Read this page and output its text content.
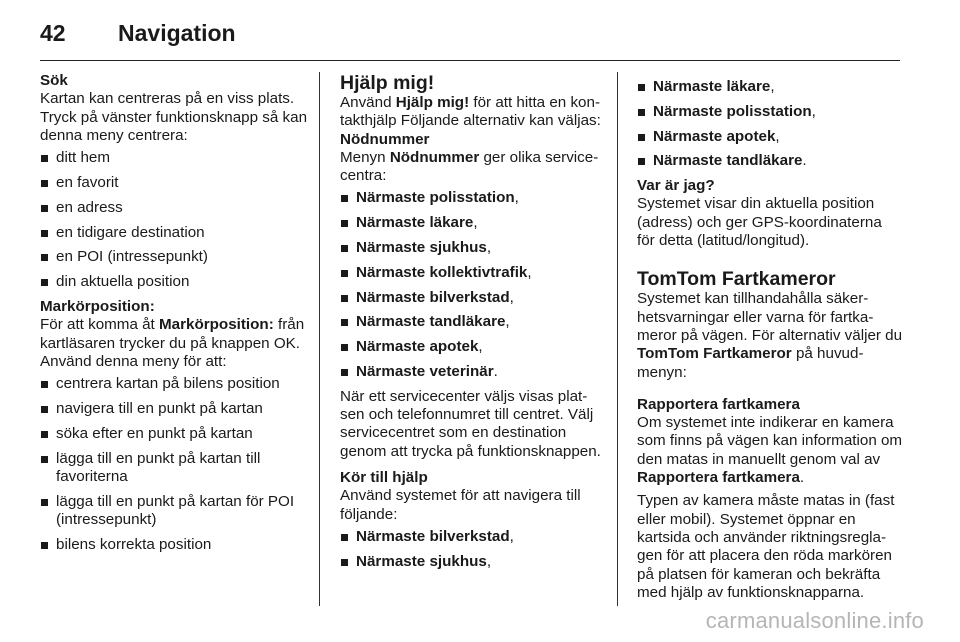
42 Navigation

Sök

Kartan kan centreras på en viss plats. Tryck på vänster funktionsknapp så kan denna meny centrera:

ditt hem
en favorit
en adress
en tidigare destination
en POI (intressepunkt)
din aktuella position

Markörposition:

För att komma åt Markörposition: från kartläsaren trycker du på knappen OK. Använd denna meny för att:

centrera kartan på bilens position
navigera till en punkt på kartan
söka efter en punkt på kartan
lägga till en punkt på kartan till favoriterna
lägga till en punkt på kartan för POI (intressepunkt)
bilens korrekta position

Hjälp mig!

Använd Hjälp mig! för att hitta en kontakthjälp Följande alternativ kan väljas:

Nödnummer

Menyn Nödnummer ger olika servicecentra:

Närmaste polisstation,
Närmaste läkare,
Närmaste sjukhus,
Närmaste kollektivtrafik,
Närmaste bilverkstad,
Närmaste tandläkare,
Närmaste apotek,
Närmaste veterinär.

När ett servicecenter väljs visas platsen och telefonnumret till centret. Välj servicecentret som en destination genom att trycka på funktionsknappen.

Kör till hjälp

Använd systemet för att navigera till följande:

Närmaste bilverkstad,
Närmaste sjukhus,
Närmaste läkare,
Närmaste polisstation,
Närmaste apotek,
Närmaste tandläkare.

Var är jag?

Systemet visar din aktuella position (adress) och ger GPS-koordinaterna för detta (latitud/longitud).

TomTom Fartkameror

Systemet kan tillhandahålla säkerhetsvarningar eller varna för fartkameror på vägen. För alternativ väljer du TomTom Fartkameror på huvudmenyn:

Rapportera fartkamera

Om systemet inte indikerar en kamera som finns på vägen kan information om den matas in manuellt genom val av Rapportera fartkamera.

Typen av kamera måste matas in (fast eller mobil). Systemet öppnar en kartsida och använder riktningsreglagen för att placera den röda markören på platsen för kameran och bekräfta med hjälp av funktionsknapparna.

carmanualsonline.info
